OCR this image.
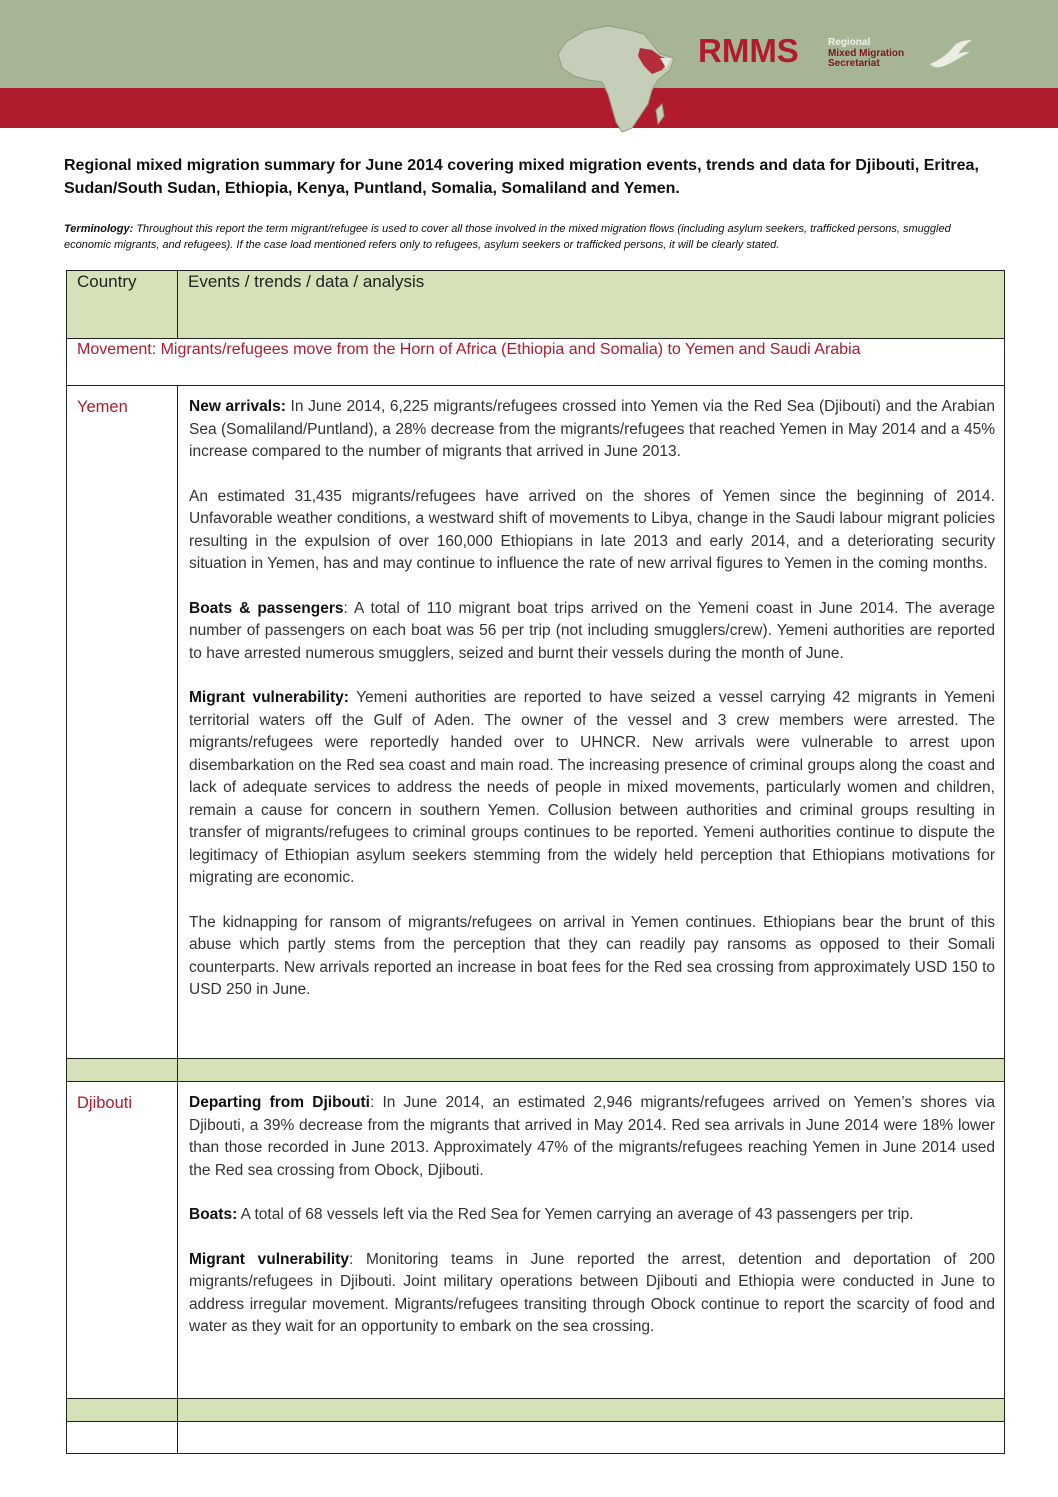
RMMS	Regional
Mixed Migration
Secretariat
Regional mixed migration summary for June 2014 covering mixed migration events, trends and data for Djibouti, Eritrea,
Sudan/South Sudan, Ethiopia, Kenya, Puntland, Somalia, Somaliland and Yemen.
Terminology: Throughout this report the term migrant/refugee is used to cover all those involved in the mixed migration flows (including asylum seekers, trafficked persons, smuggled economic migrants, and refugees). If the case load mentioned refers only to refugees, asylum seekers or trafficked persons, it will be clearly stated.
Country	Events / trends / data / analysis

Movement: Migrants/refugees move from the Horn of Africa (Ethiopia and Somalia) to Yemen and Saudi Arabia	

Yemen	New arrivals: In June 2014, 6,225 migrants/refugees crossed into Yemen via the Red Sea (Djibouti) and the Arabian Sea (Somaliland/Puntland), a 28% decrease from the migrants/refugees that reached Yemen in May 2014 and a 45% increase compared to the number of migrants that arrived in June 2013.

An estimated 31,435 migrants/refugees have arrived on the shores of Yemen since the beginning of 2014. Unfavorable weather conditions, a westward shift of movements to Libya, change in the Saudi labour migrant policies resulting in the expulsion of over 160,000 Ethiopians in late 2013 and early 2014, and a deteriorating security situation in Yemen, has and may continue to influence the rate of new arrival figures to Yemen in the coming months.

Boats & passengers: A total of 110 migrant boat trips arrived on the Yemeni coast in June 2014. The average number of passengers on each boat was 56 per trip (not including smugglers/crew). Yemeni authorities are reported to have arrested numerous smugglers, seized and burnt their vessels during the month of June.

Migrant vulnerability: Yemeni authorities are reported to have seized a vessel carrying 42 migrants in Yemeni territorial waters off the Gulf of Aden. The owner of the vessel and 3 crew members were arrested. The migrants/refugees were reportedly handed over to UHNCR. New arrivals were vulnerable to arrest upon disembarkation on the Red sea coast and main road. The increasing presence of criminal groups along the coast and lack of adequate services to address the needs of people in mixed movements, particularly women and children, remain a cause for concern in southern Yemen. Collusion between authorities and criminal groups resulting in transfer of migrants/refugees to criminal groups continues to be reported. Yemeni authorities continue to dispute the legitimacy of Ethiopian asylum seekers stemming from the widely held perception that Ethiopians motivations for migrating are economic.

The kidnapping for ransom of migrants/refugees on arrival in Yemen continues. Ethiopians bear the brunt of this abuse which partly stems from the perception that they can readily pay ransoms as opposed to their Somali counterparts. New arrivals reported an increase in boat fees for the Red sea crossing from approximately USD 150 to USD 250 in June.

Djibouti	Departing from Djibouti: In June 2014, an estimated 2,946 migrants/refugees arrived on Yemen’s shores via Djibouti, a 39% decrease from the migrants that arrived in May 2014. Red sea arrivals in June 2014 were 18% lower than those recorded in June 2013. Approximately 47% of the migrants/refugees reaching Yemen in June 2014 used the Red sea crossing from Obock, Djibouti.

Boats: A total of 68 vessels left via the Red Sea for Yemen carrying an average of 43 passengers per trip.

Migrant vulnerability: Monitoring teams in June reported the arrest, detention and deportation of 200 migrants/refugees in Djibouti. Joint military operations between Djibouti and Ethiopia were conducted in June to address irregular movement. Migrants/refugees transiting through Obock continue to report the scarcity of food and water as they wait for an opportunity to embark on the sea crossing.
